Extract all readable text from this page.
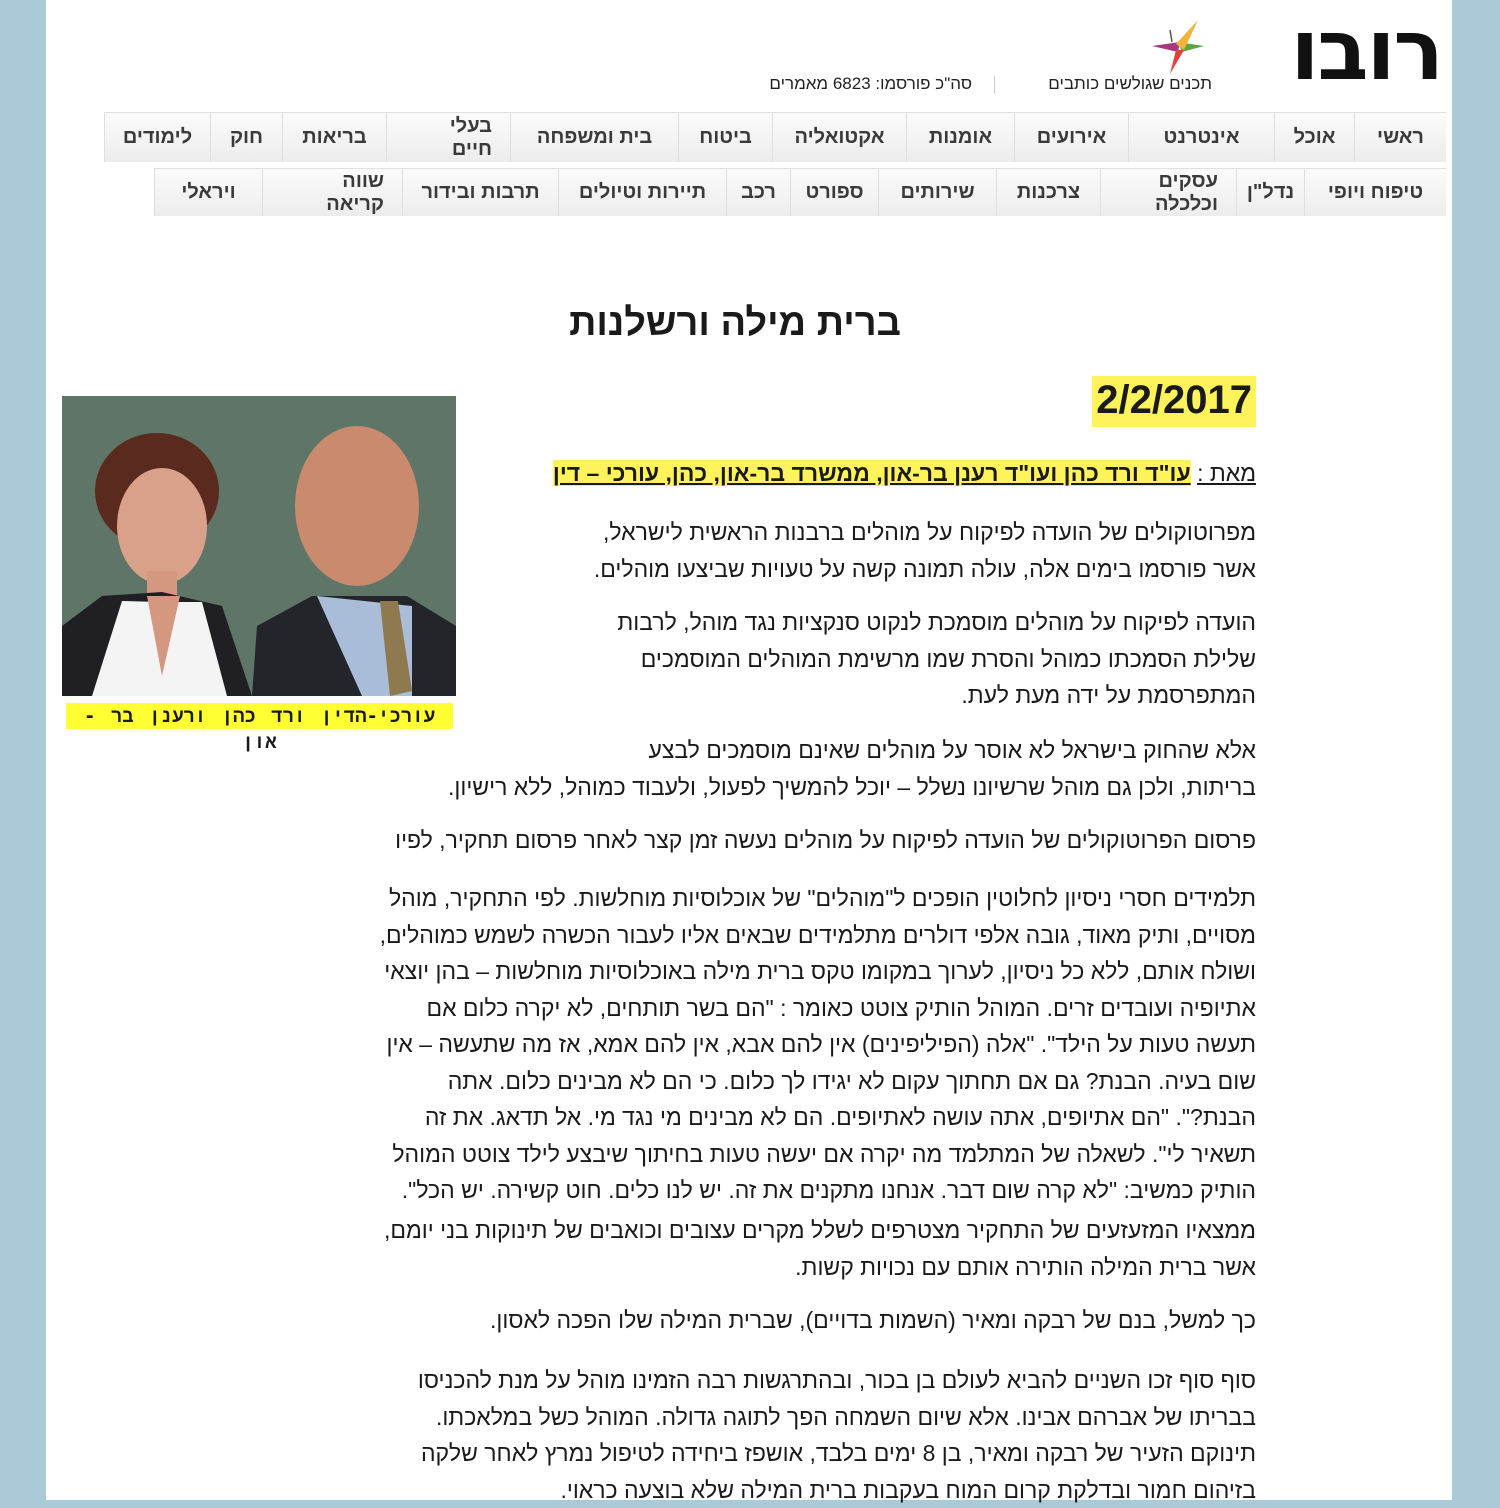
רובו
תכנים שגולשים כותבים
סה"כ פורסמו: 6823 מאמרים
ראשי
אוכל
אינטרנט
אירועים
אומנות
אקטואליה
ביטוח
בית ומשפחה
בעלי חיים
בריאות
חוק
לימודים
טיפוח ויופי
נדל"ן
עסקים וכלכלה
צרכנות
שירותים
ספורט
רכב
תיירות וטיולים
תרבות ובידור
שווה קריאה
ויראלי
ברית מילה ורשלנות
2/2/2017
מאת : עו"ד ורד כהן ועו"ד רענן בר-און, ממשרד בר-און, כהן, עורכי – דין
עורכי-הדין ורד כהן ורענן בר - און
מפרוטוקולים של הועדה לפיקוח על מוהלים ברבנות הראשית לישראל,
אשר פורסמו בימים אלה, עולה תמונה קשה על טעויות שביצעו מוהלים.
הועדה לפיקוח על מוהלים מוסמכת לנקוט סנקציות נגד מוהל, לרבות
שלילת הסמכתו כמוהל והסרת שמו מרשימת המוהלים המוסמכים
המתפרסמת על ידה מעת לעת.
אלא שהחוק בישראל לא אוסר על מוהלים שאינם מוסמכים לבצע
בריתות, ולכן גם מוהל שרשיונו נשלל – יוכל להמשיך לפעול, ולעבוד כמוהל, ללא רישיון.
פרסום הפרוטוקולים של הועדה לפיקוח על מוהלים נעשה זמן קצר לאחר פרסום תחקיר, לפיו
תלמידים חסרי ניסיון לחלוטין הופכים ל"מוהלים" של אוכלוסיות מוחלשות. לפי התחקיר, מוהל
מסויים, ותיק מאוד, גובה אלפי דולרים מתלמידים שבאים אליו לעבור הכשרה לשמש כמוהלים,
ושולח אותם, ללא כל ניסיון, לערוך במקומו טקס ברית מילה באוכלוסיות מוחלשות – בהן יוצאי
אתיופיה ועובדים זרים. המוהל הותיק צוטט כאומר : "הם בשר תותחים, לא יקרה כלום אם
תעשה טעות על הילד". "אלה (הפיליפינים) אין להם אבא, אין להם אמא, אז מה שתעשה – אין
שום בעיה. הבנת? גם אם תחתוך עקום לא יגידו לך כלום. כי הם לא מבינים כלום. אתה
הבנת?". "הם אתיופים, אתה עושה לאתיופים. הם לא מבינים מי נגד מי. אל תדאג. את זה
תשאיר לי". לשאלה של המתלמד מה יקרה אם יעשה טעות בחיתוך שיבצע לילד צוטט המוהל
הותיק כמשיב: "לא קרה שום דבר. אנחנו מתקנים את זה. יש לנו כלים. חוט קשירה. יש הכל".
ממצאיו המזעזעים של התחקיר מצטרפים לשלל מקרים עצובים וכואבים של תינוקות בני יומם,
אשר ברית המילה הותירה אותם עם נכויות קשות.
כך למשל, בנם של רבקה ומאיר (השמות בדויים), שברית המילה שלו הפכה לאסון.
סוף סוף זכו השניים להביא לעולם בן בכור, ובהתרגשות רבה הזמינו מוהל על מנת להכניסו
בבריתו של אברהם אבינו. אלא שיום השמחה הפך לתוגה גדולה. המוהל כשל במלאכתו.
תינוקם הזעיר של רבקה ומאיר, בן 8 ימים בלבד, אושפז ביחידה לטיפול נמרץ לאחר שלקה
בזיהום חמור ובדלקת קרום המוח בעקבות ברית המילה שלא בוצעה כראוי.
